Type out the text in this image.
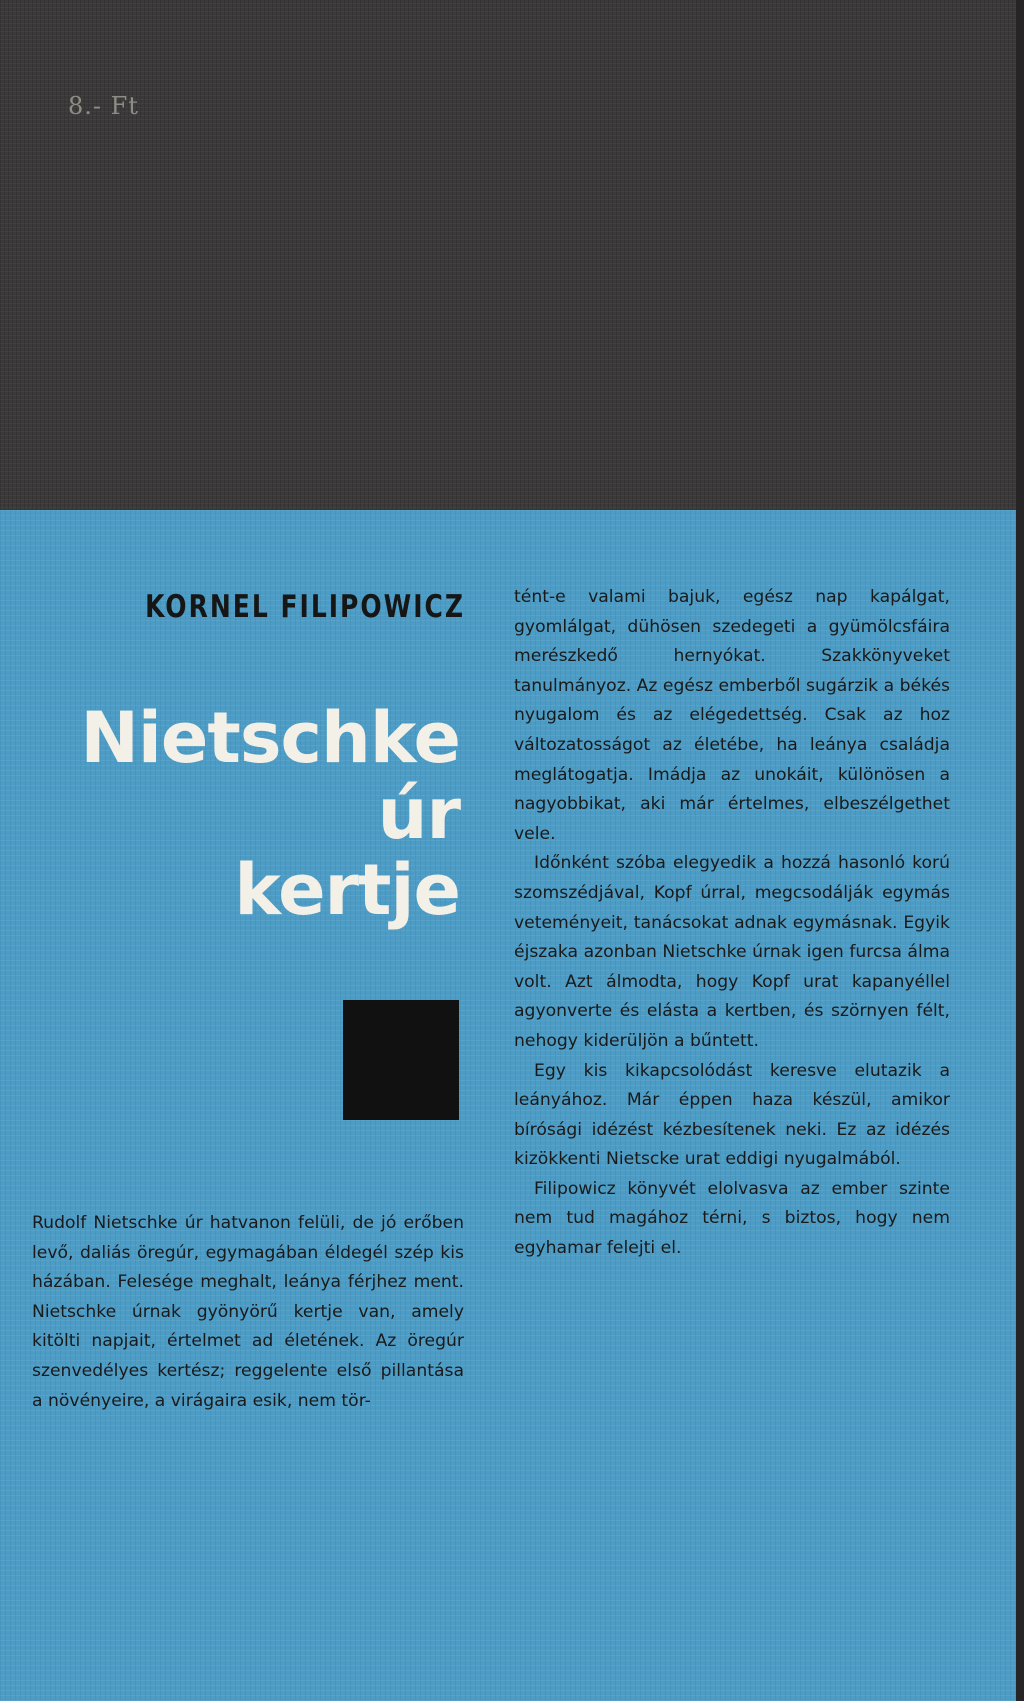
8.- Ft
KORNEL FILIPOWICZ
Nietschke
úr
kertje

Rudolf Nietschke úr hatvanon felüli, de jó erőben levő, daliás öregúr, egymagában éldegél szép kis házában. Felesége meghalt, leánya férjhez ment. Nietschke úrnak gyönyörű kertje van, amely kitölti napjait, értelmet ad életének. Az öregúr szenvedélyes kertész; reggelente első pillantása a növényeire, a virágaira esik, nem tör-

tént-e valami bajuk, egész nap kapálgat, gyomlálgat, dühösen szedegeti a gyümölcsfáira merészkedő hernyókat. Szakkönyveket tanulmányoz. Az egész emberből sugárzik a békés nyugalom és az elégedettség. Csak az hoz változatosságot az életébe, ha leánya családja meglátogatja. Imádja az unokáit, különösen a nagyobbikat, aki már értelmes, elbeszélgethet vele.

Időnként szóba elegyedik a hozzá hasonló korú szomszédjával, Kopf úrral, megcsodálják egymás veteményeit, tanácsokat adnak egymásnak. Egyik éjszaka azonban Nietschke úrnak igen furcsa álma volt. Azt álmodta, hogy Kopf urat kapanyéllel agyonverte és elásta a kertben, és szörnyen félt, nehogy kiderüljön a bűntett.

Egy kis kikapcsolódást keresve elutazik a leányához. Már éppen haza készül, amikor bírósági idézést kézbesítenek neki. Ez az idézés kizökkenti Nietscke urat eddigi nyugalmából.

Filipowicz könyvét elolvasva az ember szinte nem tud magához térni, s biztos, hogy nem egyhamar felejti el.
